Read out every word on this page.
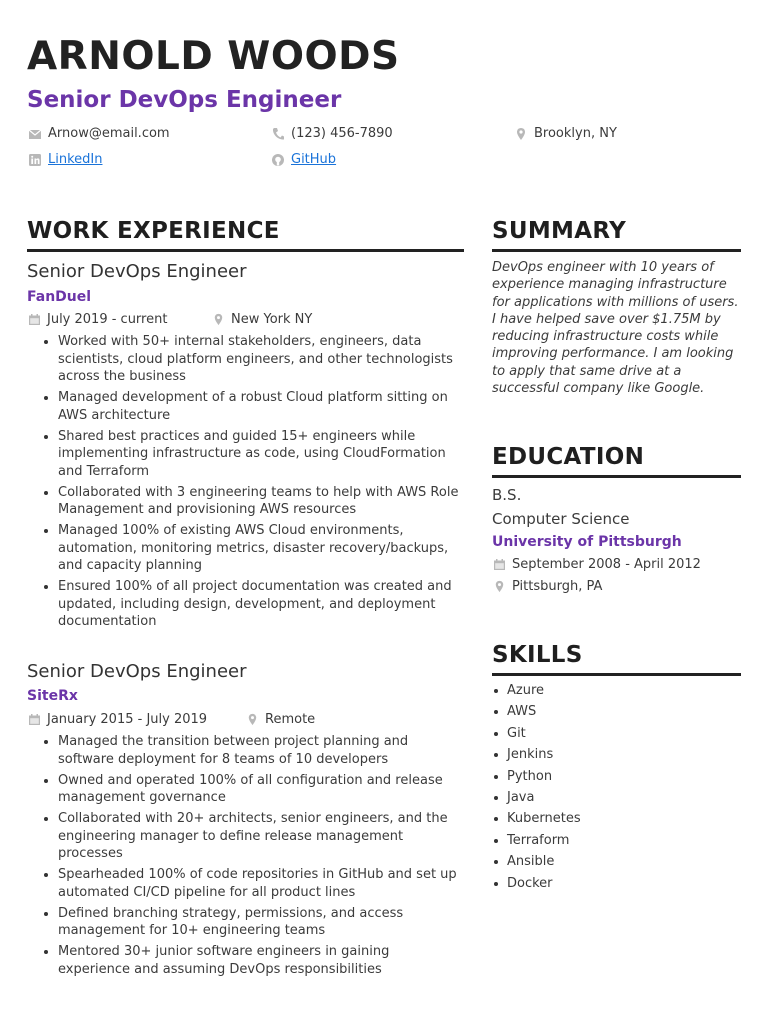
ARNOLD WOODS
Senior DevOps Engineer
Arnow@email.com	(123) 456-7890	Brooklyn, NY
LinkedIn	GitHub
WORK EXPERIENCE
Senior DevOps Engineer
FanDuel
July 2019 - current	New York NY
Worked with 50+ internal stakeholders, engineers, data scientists, cloud platform engineers, and other technologists across the business
Managed development of a robust Cloud platform sitting on AWS architecture
Shared best practices and guided 15+ engineers while implementing infrastructure as code, using CloudFormation and Terraform
Collaborated with 3 engineering teams to help with AWS Role Management and provisioning AWS resources
Managed 100% of existing AWS Cloud environments, automation, monitoring metrics, disaster recovery/backups, and capacity planning
Ensured 100% of all project documentation was created and updated, including design, development, and deployment documentation
Senior DevOps Engineer
SiteRx
January 2015 - July 2019	Remote
Managed the transition between project planning and software deployment for 8 teams of 10 developers
Owned and operated 100% of all configuration and release management governance
Collaborated with 20+ architects, senior engineers, and the engineering manager to define release management processes
Spearheaded 100% of code repositories in GitHub and set up automated CI/CD pipeline for all product lines
Defined branching strategy, permissions, and access management for 10+ engineering teams
Mentored 30+ junior software engineers in gaining experience and assuming DevOps responsibilities
SUMMARY
DevOps engineer with 10 years of experience managing infrastructure for applications with millions of users. I have helped save over $1.75M by reducing infrastructure costs while improving performance. I am looking to apply that same drive at a successful company like Google.
EDUCATION
B.S.
Computer Science
University of Pittsburgh
September 2008 - April 2012
Pittsburgh, PA
SKILLS
Azure
AWS
Git
Jenkins
Python
Java
Kubernetes
Terraform
Ansible
Docker
